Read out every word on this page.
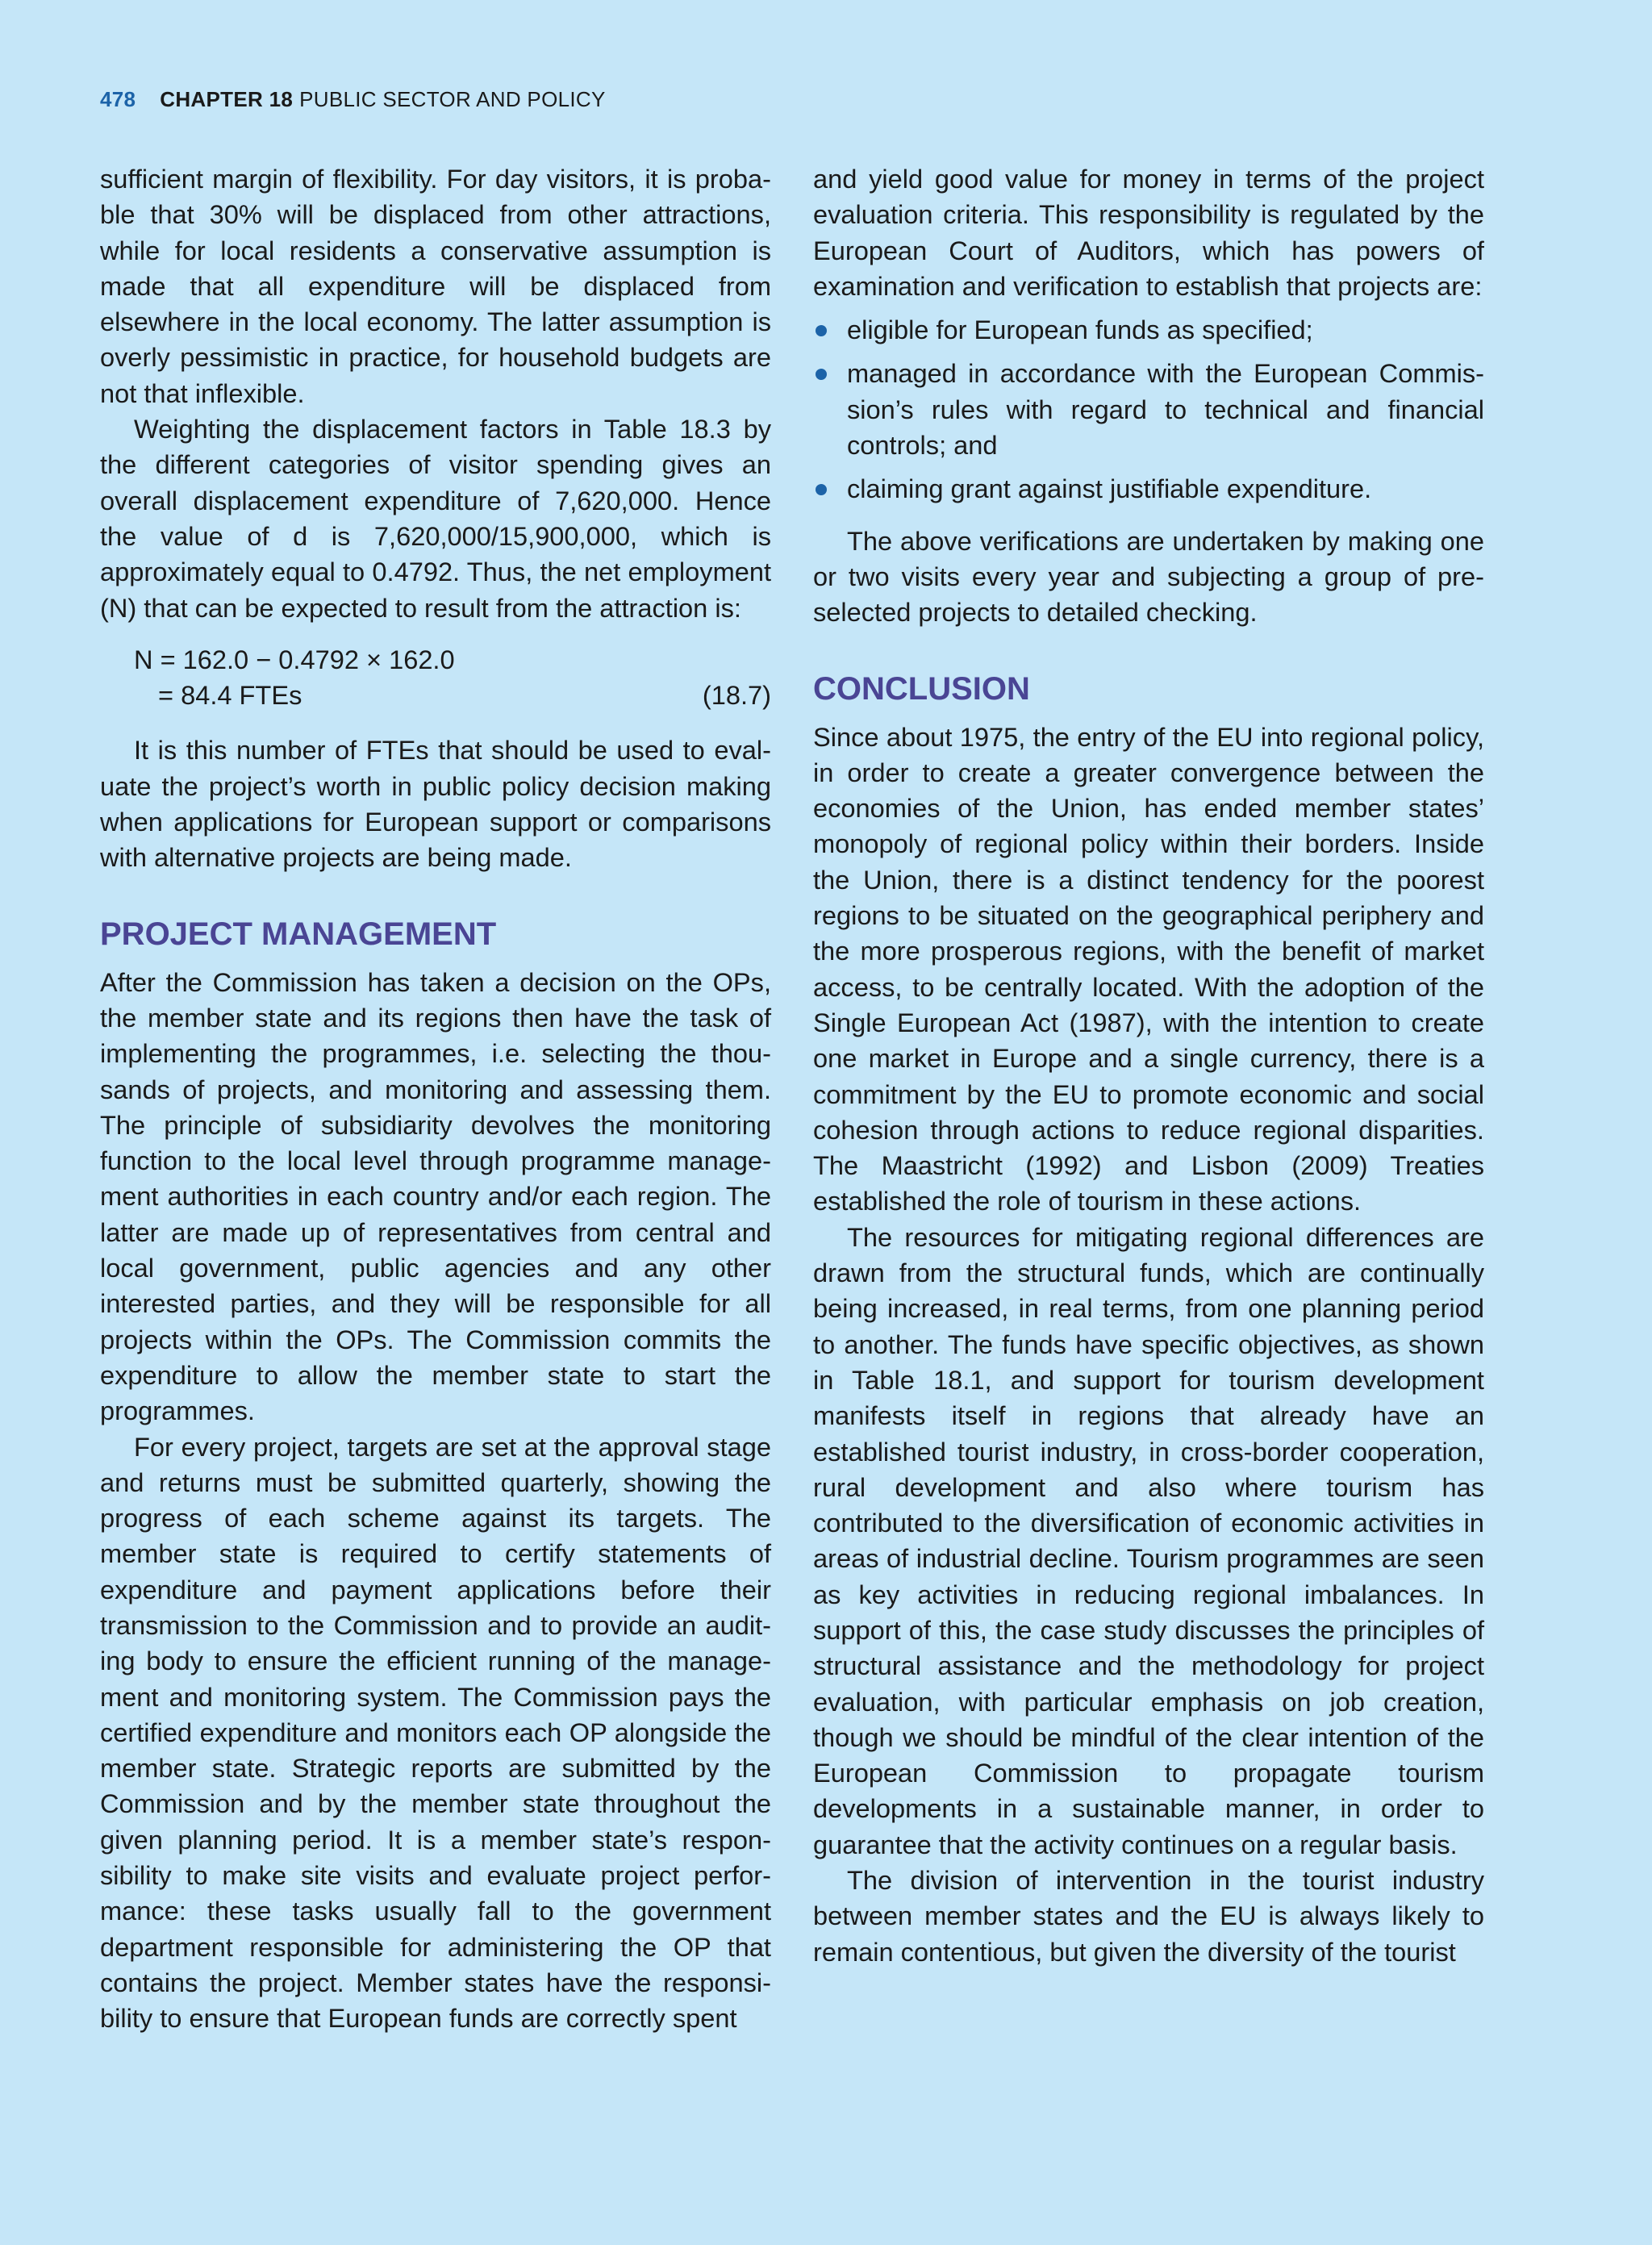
478 CHAPTER 18 PUBLIC SECTOR AND POLICY

sufficient margin of flexibility. For day visitors, it is probable that 30% will be displaced from other attractions, while for local residents a conservative assumption is made that all expenditure will be displaced from elsewhere in the local economy. The latter assumption is overly pessimistic in practice, for household budgets are not that inflexible.

Weighting the displacement factors in Table 18.3 by the different categories of visitor spending gives an overall displacement expenditure of 7,620,000. Hence the value of d is 7,620,000/15,900,000, which is approximately equal to 0.4792. Thus, the net employment (N) that can be expected to result from the attraction is:

N = 162.0 − 0.4792 × 162.0
= 84.4 FTEs	(18.7)

It is this number of FTEs that should be used to evaluate the project’s worth in public policy decision making when applications for European support or comparisons with alternative projects are being made.

PROJECT MANAGEMENT

After the Commission has taken a decision on the OPs, the member state and its regions then have the task of implementing the programmes, i.e. selecting the thousands of projects, and monitoring and assessing them. The principle of subsidiarity devolves the monitoring function to the local level through programme management authorities in each country and/or each region. The latter are made up of representatives from central and local government, public agencies and any other interested parties, and they will be responsible for all projects within the OPs. The Commission commits the expenditure to allow the member state to start the programmes.

For every project, targets are set at the approval stage and returns must be submitted quarterly, showing the progress of each scheme against its targets. The member state is required to certify statements of expenditure and payment applications before their transmission to the Commission and to provide an auditing body to ensure the efficient running of the management and monitoring system. The Commission pays the certified expenditure and monitors each OP alongside the member state. Strategic reports are submitted by the Commission and by the member state throughout the given planning period. It is a member state’s responsibility to make site visits and evaluate project performance: these tasks usually fall to the government department responsible for administering the OP that contains the project. Member states have the responsibility to ensure that European funds are correctly spent

and yield good value for money in terms of the project evaluation criteria. This responsibility is regulated by the European Court of Auditors, which has powers of examination and verification to establish that projects are:

eligible for European funds as specified;
managed in accordance with the European Commission’s rules with regard to technical and financial controls; and
claiming grant against justifiable expenditure.

The above verifications are undertaken by making one or two visits every year and subjecting a group of pre-selected projects to detailed checking.

CONCLUSION

Since about 1975, the entry of the EU into regional policy, in order to create a greater convergence between the economies of the Union, has ended member states’ monopoly of regional policy within their borders. Inside the Union, there is a distinct tendency for the poorest regions to be situated on the geographical periphery and the more prosperous regions, with the benefit of market access, to be centrally located. With the adoption of the Single European Act (1987), with the intention to create one market in Europe and a single currency, there is a commitment by the EU to promote economic and social cohesion through actions to reduce regional disparities. The Maastricht (1992) and Lisbon (2009) Treaties established the role of tourism in these actions.

The resources for mitigating regional differences are drawn from the structural funds, which are continually being increased, in real terms, from one planning period to another. The funds have specific objectives, as shown in Table 18.1, and support for tourism development manifests itself in regions that already have an established tourist industry, in cross-border cooperation, rural development and also where tourism has contributed to the diversification of economic activities in areas of industrial decline. Tourism programmes are seen as key activities in reducing regional imbalances. In support of this, the case study discusses the principles of structural assistance and the methodology for project evaluation, with particular emphasis on job creation, though we should be mindful of the clear intention of the European Commission to propagate tourism developments in a sustainable manner, in order to guarantee that the activity continues on a regular basis.

The division of intervention in the tourist industry between member states and the EU is always likely to remain contentious, but given the diversity of the tourist
